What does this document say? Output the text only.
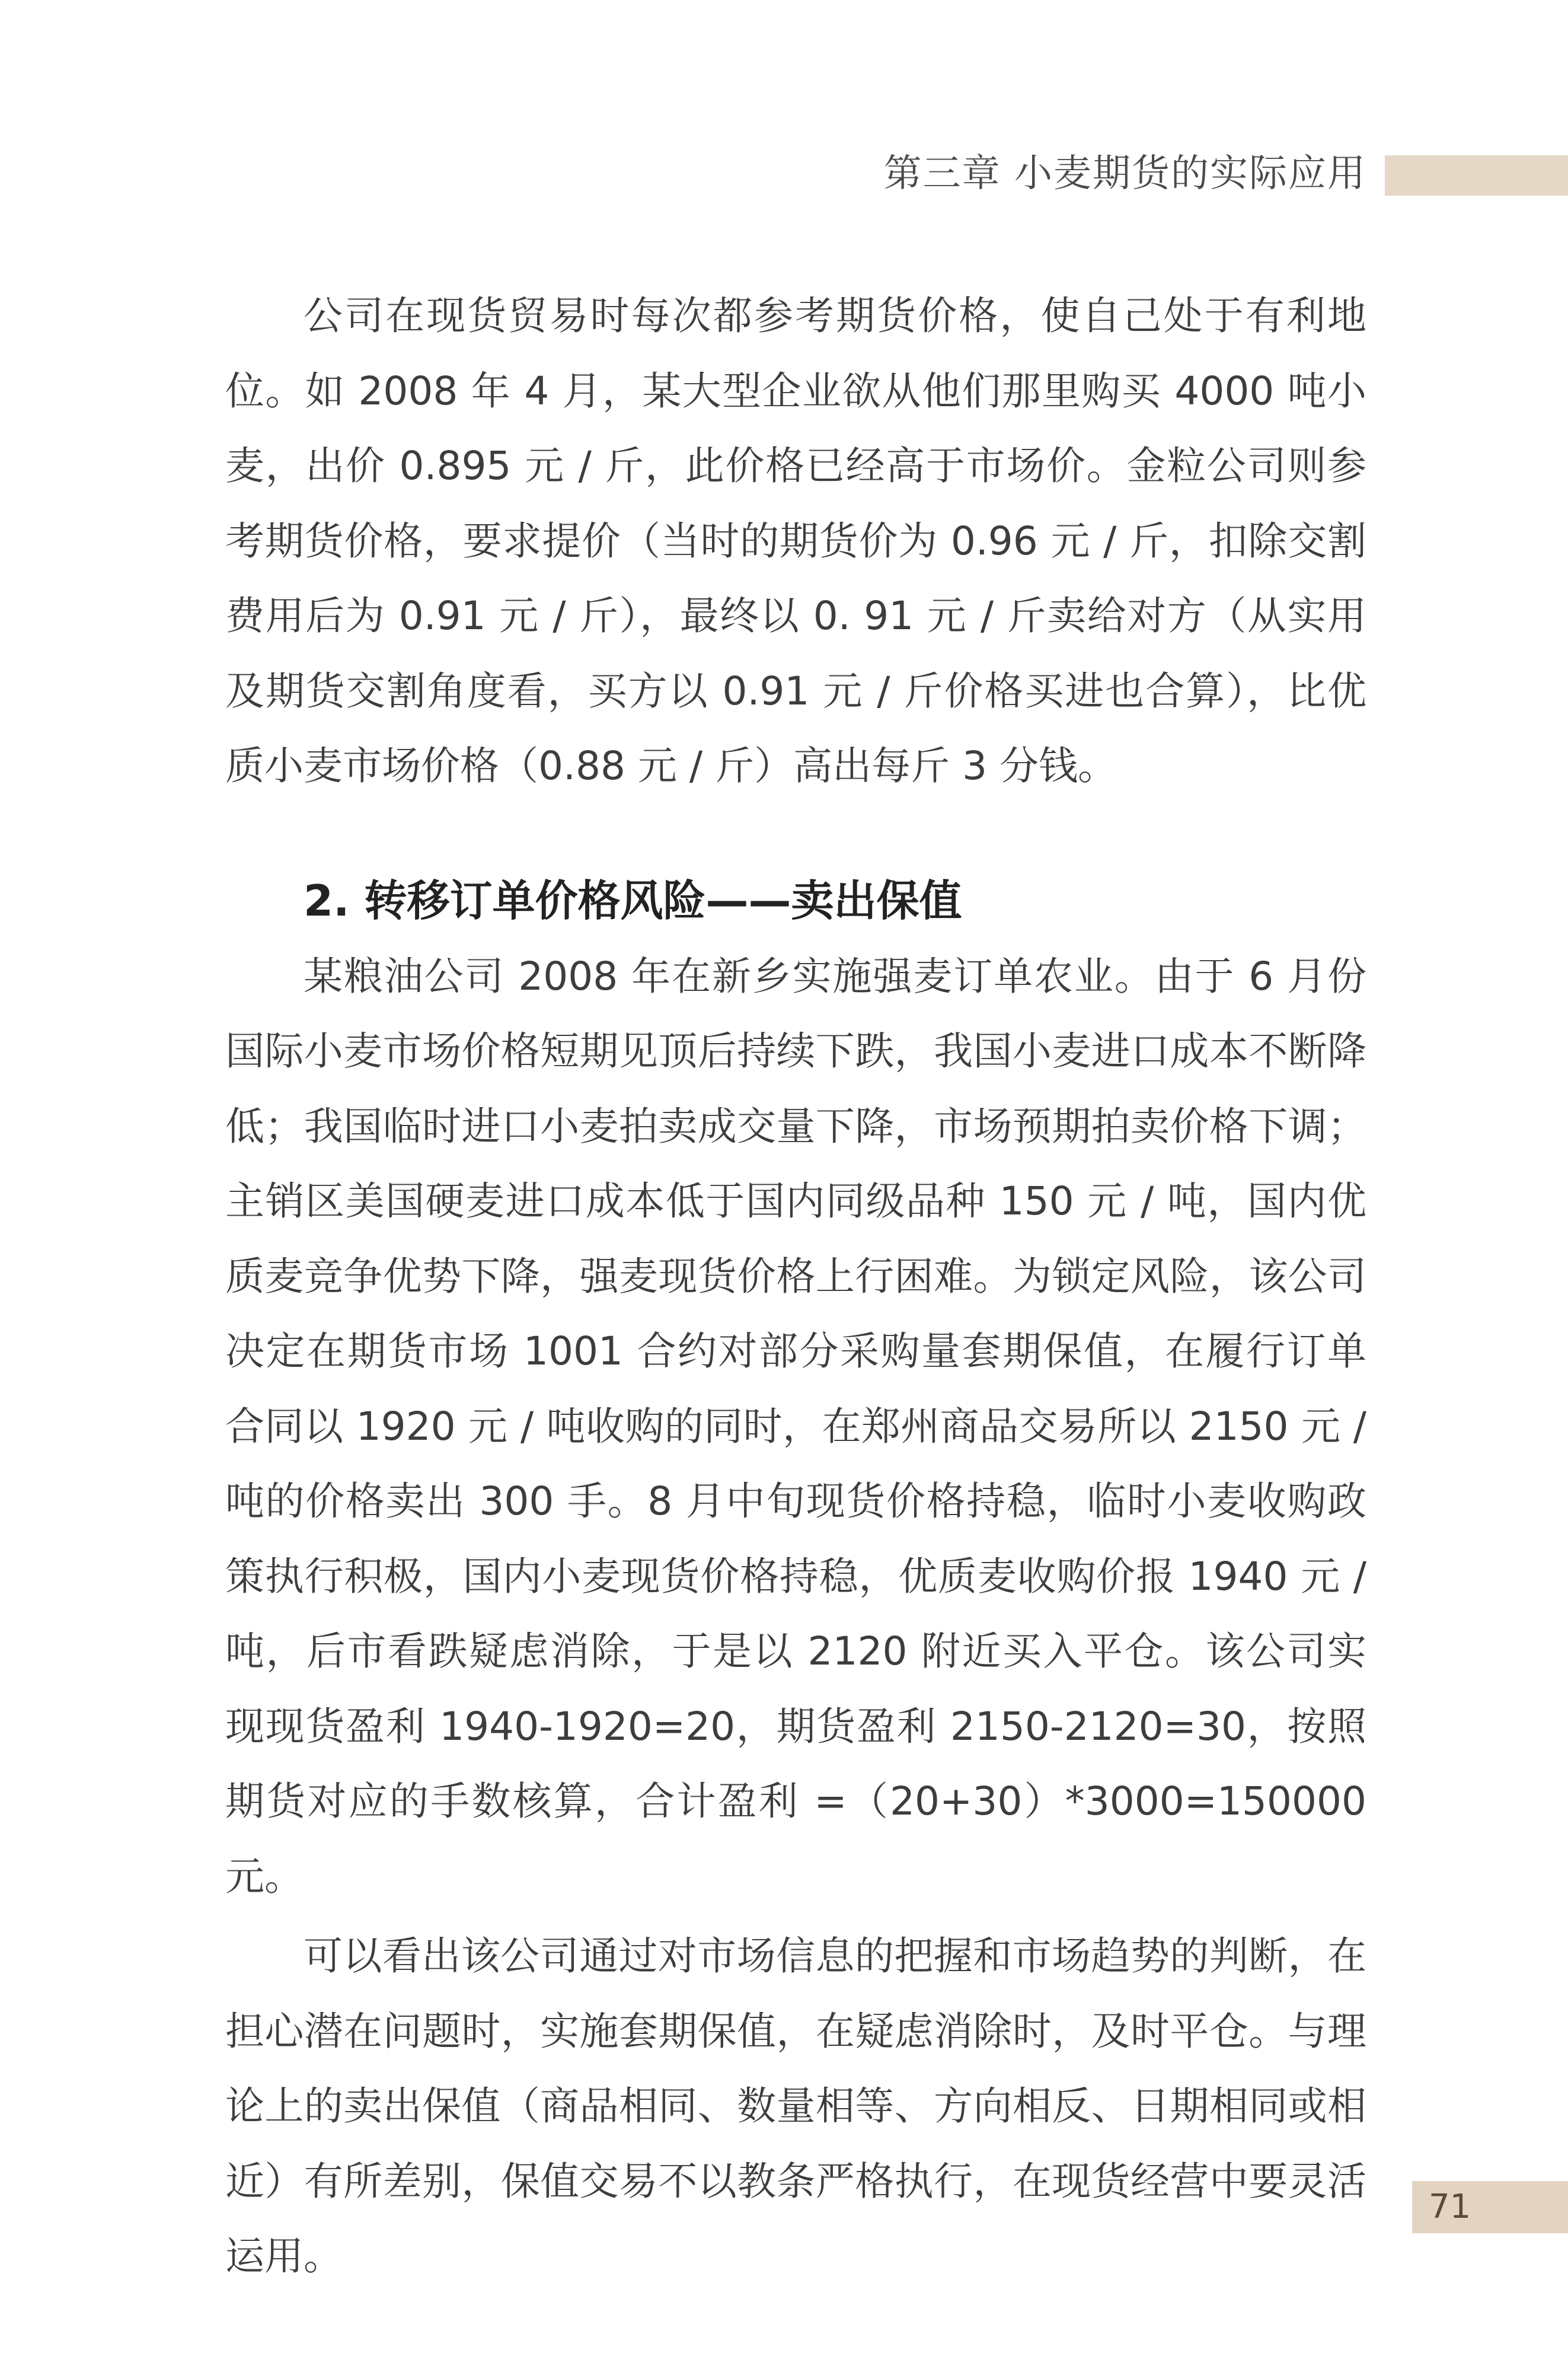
第三章 小麦期货的实际应用

公司在现货贸易时每次都参考期货价格，使自己处于有利地位。如 2008 年 4 月，某大型企业欲从他们那里购买 4000 吨小麦，出价 0.895 元 / 斤，此价格已经高于市场价。金粒公司则参考期货价格，要求提价（当时的期货价为 0.96 元 / 斤，扣除交割费用后为 0.91 元 / 斤），最终以 0. 91 元 / 斤卖给对方（从实用及期货交割角度看，买方以 0.91 元 / 斤价格买进也合算），比优质小麦市场价格（0.88 元 / 斤）高出每斤 3 分钱。

2. 转移订单价格风险——卖出保值

某粮油公司 2008 年在新乡实施强麦订单农业。由于 6 月份国际小麦市场价格短期见顶后持续下跌，我国小麦进口成本不断降低；我国临时进口小麦拍卖成交量下降，市场预期拍卖价格下调；主销区美国硬麦进口成本低于国内同级品种 150 元 / 吨，国内优质麦竞争优势下降，强麦现货价格上行困难。为锁定风险，该公司决定在期货市场 1001 合约对部分采购量套期保值，在履行订单合同以 1920 元 / 吨收购的同时，在郑州商品交易所以 2150 元 / 吨的价格卖出 300 手。8 月中旬现货价格持稳，临时小麦收购政策执行积极，国内小麦现货价格持稳，优质麦收购价报 1940 元 / 吨，后市看跌疑虑消除，于是以 2120 附近买入平仓。该公司实现现货盈利 1940-1920=20，期货盈利 2150-2120=30，按照期货对应的手数核算，合计盈利 =（20+30）*3000=150000 元。

可以看出该公司通过对市场信息的把握和市场趋势的判断，在担心潜在问题时，实施套期保值，在疑虑消除时，及时平仓。与理论上的卖出保值（商品相同、数量相等、方向相反、日期相同或相近）有所差别，保值交易不以教条严格执行，在现货经营中要灵活运用。

71
